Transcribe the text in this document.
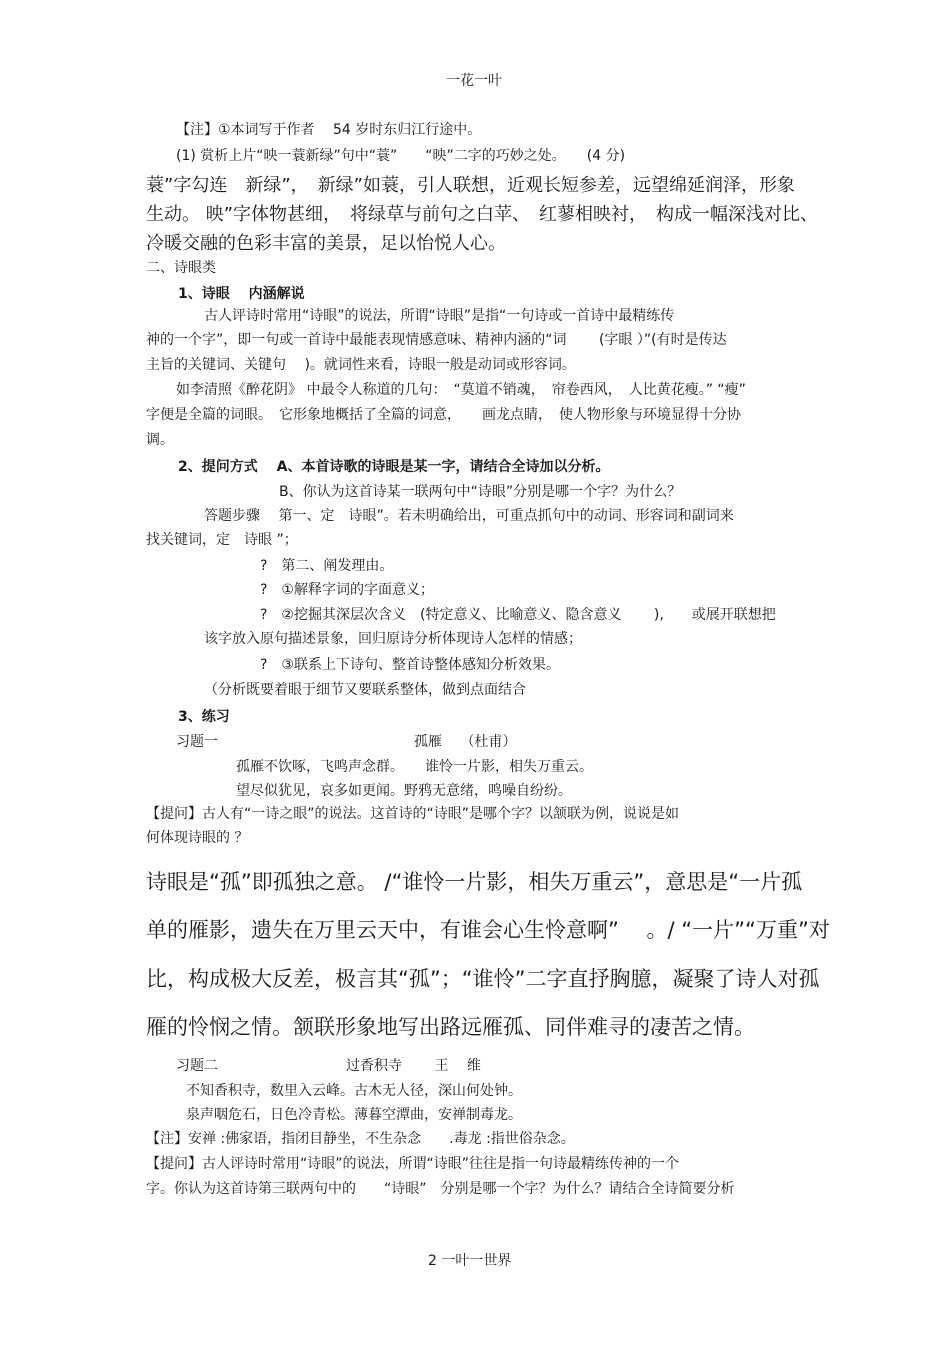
一花一叶
【注】①本词写于作者　 54 岁时东归江行途中。
(1) 赏析上片“映一蓑新绿”句中“蓑”　　“映”二字的巧妙之处。　　(4 分)
蓑”字勾连　新绿”，　新绿”如蓑，引人联想，近观长短参差，远望绵延润泽，形象
生动。 映”字体物甚细，　将绿草与前句之白苹、　红蓼相映衬，　构成一幅深浅对比、
冷暖交融的色彩丰富的美景，足以怡悦人心。
二、诗眼类
1、诗眼　 内涵解说
古人评诗时常用“诗眼”的说法，所谓“诗眼”是指“一句诗或一首诗中最精练传
神的一个字”，即一句或一首诗中最能表现情感意味、精神内涵的“词　　 (字眼 ）”(有时是传达
主旨的关键词、关键句　 )。就词性来看，诗眼一般是动词或形容词。
如李清照《醉花阴》 中最令人称道的几句：　“莫道不销魂，　帘卷西风，　人比黄花瘦。” “瘦”
字便是全篇的词眼。　它形象地概括了全篇的词意，　　画龙点睛，　使人物形象与环境显得十分协
调。
2、提问方式　 A、本首诗歌的诗眼是某一字，请结合全诗加以分析。
B、你认为这首诗某一联两句中“诗眼”分别是哪一个字？为什么？
答题步骤　 第一、定　诗眼”。若未明确给出，可重点抓句中的动词、形容词和副词来
找关键词，定　诗眼 ”；
?　第二、阐发理由。
?　①解释字词的字面意义；
?　②挖掘其深层次含义　(特定意义、比喻意义、隐含意义　　 ),　　或展开联想把
该字放入原句描述景象，回归原诗分析体现诗人怎样的情感；
?　③联系上下诗句、整首诗整体感知分析效果。
（分析既要着眼于细节又要联系整体，做到点面结合
3、练习
习题一	孤雁　 （杜甫）
孤雁不饮啄，飞鸣声念群。　　谁怜一片影，相失万重云。
望尽似犹见，哀多如更闻。野鸦无意绪，鸣噪自纷纷。
【提问】古人有“一诗之眼”的说法。这首诗的“诗眼”是哪个字？以颔联为例，说说是如
何体现诗眼的 ？
诗眼是“孤”即孤独之意。 /“谁怜一片影，相失万重云”，意思是“一片孤
单的雁影，遗失在万里云天中，有谁会心生怜意啊”　 。/ “一片”“万重”对
比，构成极大反差，极言其“孤”；“谁怜”二字直抒胸臆，凝聚了诗人对孤
雁的怜悯之情。颔联形象地写出路远雁孤、同伴难寻的凄苦之情。
习题二	过香积寺　　 王　 维
不知香积寺，数里入云峰。古木无人径，深山何处钟。
泉声咽危石，日色冷青松。薄暮空潭曲，安禅制毒龙。
【注】安禅 :佛家语，指闭目静坐，不生杂念　　.毒龙 :指世俗杂念。
【提问】古人评诗时常用“诗眼”的说法，所谓“诗眼”往往是指一句诗最精练传神的一个
字。你认为这首诗第三联两句中的　　“诗眼”　分别是哪一个字？为什么？请结合全诗简要分析
2 一叶一世界
